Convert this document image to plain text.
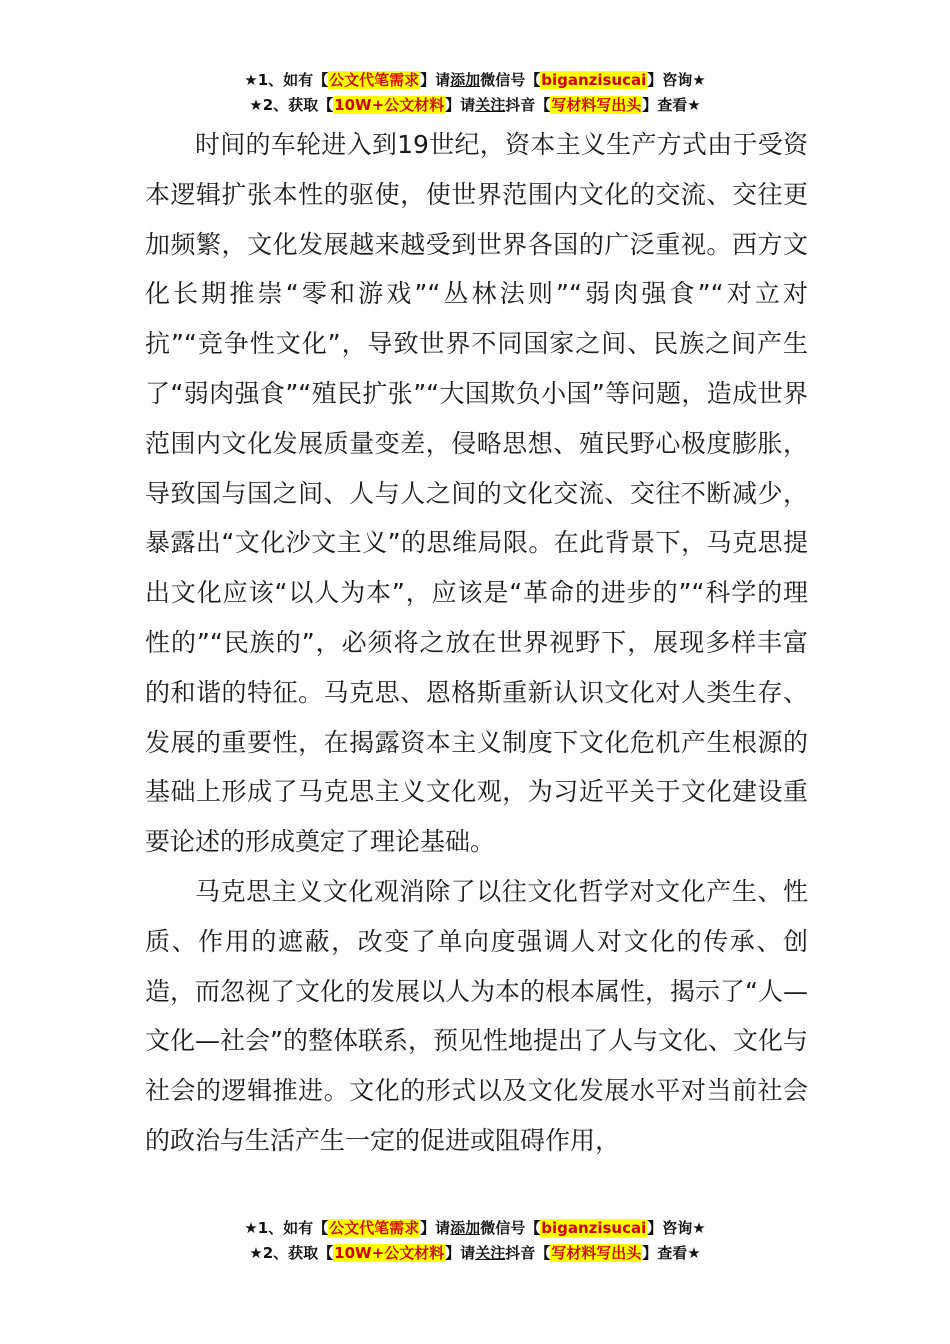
★1、如有【公文代笔需求】请添加微信号【biganzisucai】咨询★
★2、获取【10W+公文材料】请关注抖音【写材料写出头】查看★

时间的车轮进入到19世纪，资本主义生产方式由于受资本逻辑扩张本性的驱使，使世界范围内文化的交流、交往更加频繁，文化发展越来越受到世界各国的广泛重视。西方文化长期推崇“零和游戏”“丛林法则”“弱肉强食”“对立对抗”“竞争性文化”，导致世界不同国家之间、民族之间产生了“弱肉强食”“殖民扩张”“大国欺负小国”等问题，造成世界范围内文化发展质量变差，侵略思想、殖民野心极度膨胀，导致国与国之间、人与人之间的文化交流、交往不断减少，暴露出“文化沙文主义”的思维局限。在此背景下，马克思提出文化应该“以人为本”，应该是“革命的进步的”“科学的理性的”“民族的”，必须将之放在世界视野下，展现多样丰富的和谐的特征。马克思、恩格斯重新认识文化对人类生存、发展的重要性，在揭露资本主义制度下文化危机产生根源的基础上形成了马克思主义文化观，为习近平关于文化建设重要论述的形成奠定了理论基础。

马克思主义文化观消除了以往文化哲学对文化产生、性质、作用的遮蔽，改变了单向度强调人对文化的传承、创造，而忽视了文化的发展以人为本的根本属性，揭示了“人—文化—社会”的整体联系，预见性地提出了人与文化、文化与社会的逻辑推进。文化的形式以及文化发展水平对当前社会的政治与生活产生一定的促进或阻碍作用，

★1、如有【公文代笔需求】请添加微信号【biganzisucai】咨询★
★2、获取【10W+公文材料】请关注抖音【写材料写出头】查看★
